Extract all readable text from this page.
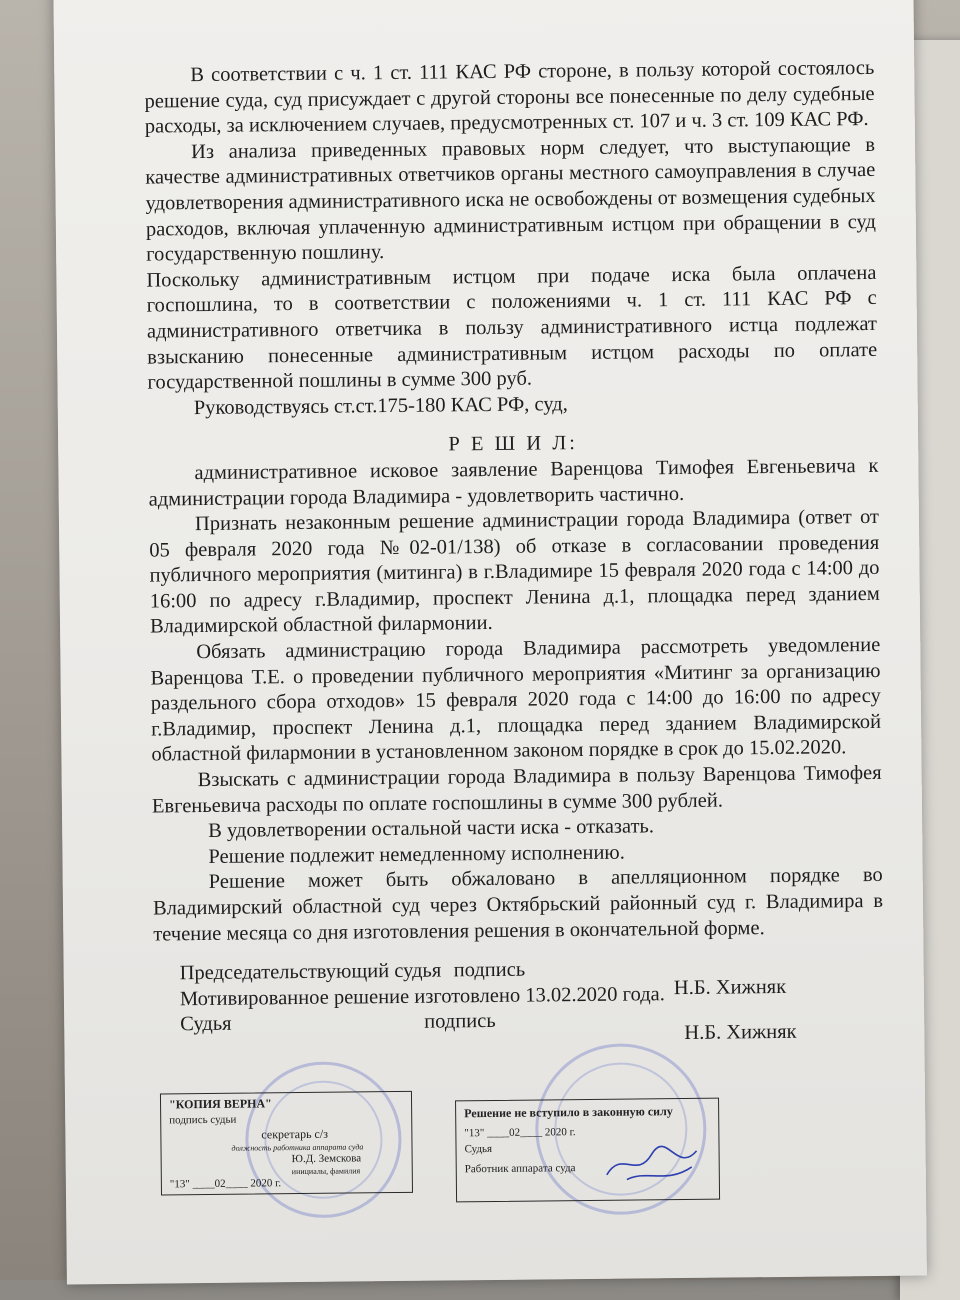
В соответствии с ч. 1 ст. 111 КАС РФ стороне, в пользу которой состоялось решение суда, суд присуждает с другой стороны все понесенные по делу судебные расходы, за исключением случаев, предусмотренных ст. 107 и ч. 3 ст. 109 КАС РФ.

Из анализа приведенных правовых норм следует, что выступающие в качестве административных ответчиков органы местного самоуправления в случае удовлетворения административного иска не освобождены от возмещения судебных расходов, включая уплаченную административным истцом при обращении в суд государственную пошлину.

Поскольку административным истцом при подаче иска была оплачена госпошлина, то в соответствии с положениями ч. 1 ст. 111 КАС РФ с административного ответчика в пользу административного истца подлежат взысканию понесенные административным истцом расходы по оплате государственной пошлины в сумме 300 руб.

Руководствуясь ст.ст.175-180 КАС РФ, суд,

Р Е Ш И Л:

административное исковое заявление Варенцова Тимофея Евгеньевича к администрации города Владимира - удовлетворить частично.

Признать незаконным решение администрации города Владимира (ответ от 05 февраля 2020 года №02-01/138) об отказе в согласовании проведения публичного мероприятия (митинга) в г.Владимире 15 февраля 2020 года с 14:00 до 16:00 по адресу г.Владимир, проспект Ленина д.1, площадка перед зданием Владимирской областной филармонии.

Обязать администрацию города Владимира рассмотреть уведомление Варенцова Т.Е. о проведении публичного мероприятия «Митинг за организацию раздельного сбора отходов» 15 февраля 2020 года с 14:00 до 16:00 по адресу г.Владимир, проспект Ленина д.1, площадка перед зданием Владимирской областной филармонии в установленном законом порядке в срок до 15.02.2020.

Взыскать с администрации города Владимира в пользу Варенцова Тимофея Евгеньевича расходы по оплате госпошлины в сумме 300 рублей.

В удовлетворении остальной части иска - отказать.

Решение подлежит немедленному исполнению.

Решение может быть обжаловано в апелляционном порядке во Владимирский областной суд через Октябрьский районный суд г. Владимира в течение месяца со дня изготовления решения в окончательной форме.

Председательствующий судья подпись
Мотивированное решение изготовлено 13.02.2020 года. Н.Б. Хижняк
Судья	подпись	Н.Б. Хижняк
"КОПИЯ ВЕРНА"
подпись судьи
секретарь с/з
должность работника аппарата суда
Ю.Д. Земскова
инициалы, фамилия
"13" ____02____ 2020 г.
Решение не вступило в законную силу
"13" ____02____ 2020 г.
Судья
Работник аппарата суда
